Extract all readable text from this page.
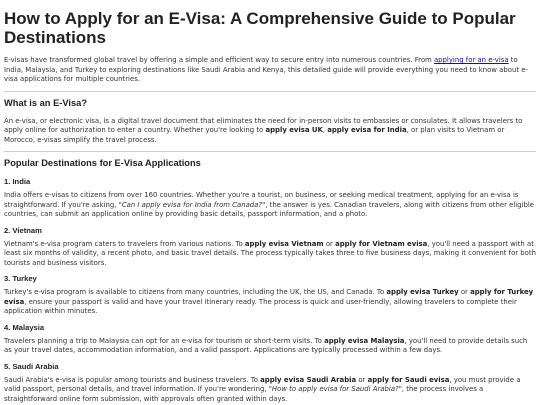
How to Apply for an E-Visa: A Comprehensive Guide to Popular Destinations

E-visas have transformed global travel by offering a simple and efficient way to secure entry into numerous countries. From applying for an e-visa to India, Malaysia, and Turkey to exploring destinations like Saudi Arabia and Kenya, this detailed guide will provide everything you need to know about e-visa applications for multiple countries.

What is an E-Visa?

An e-visa, or electronic visa, is a digital travel document that eliminates the need for in-person visits to embassies or consulates. It allows travelers to apply online for authorization to enter a country. Whether you're looking to apply evisa UK, apply evisa for India, or plan visits to Vietnam or Morocco, e-visas simplify the travel process.

Popular Destinations for E-Visa Applications
1. India

India offers e-visas to citizens from over 160 countries. Whether you're a tourist, on business, or seeking medical treatment, applying for an e-visa is straightforward. If you're asking, "Can I apply evisa for India from Canada?", the answer is yes. Canadian travelers, along with citizens from other eligible countries, can submit an application online by providing basic details, passport information, and a photo.

2. Vietnam

Vietnam's e-visa program caters to travelers from various nations. To apply evisa Vietnam or apply for Vietnam evisa, you'll need a passport with at least six months of validity, a recent photo, and basic travel details. The process typically takes three to five business days, making it convenient for both tourists and business visitors.

3. Turkey

Turkey's e-visa program is available to citizens from many countries, including the UK, the US, and Canada. To apply evisa Turkey or apply for Turkey evisa, ensure your passport is valid and have your travel itinerary ready. The process is quick and user-friendly, allowing travelers to complete their application within minutes.

4. Malaysia

Travelers planning a trip to Malaysia can opt for an e-visa for tourism or short-term visits. To apply evisa Malaysia, you'll need to provide details such as your travel dates, accommodation information, and a valid passport. Applications are typically processed within a few days.

5. Saudi Arabia

Saudi Arabia's e-visa is popular among tourists and business travelers. To apply evisa Saudi Arabia or apply for Saudi evisa, you must provide a valid passport, personal details, and travel information. If you're wondering, "How to apply evisa for Saudi Arabia?", the process involves a straightforward online form submission, with approvals often granted within days.
